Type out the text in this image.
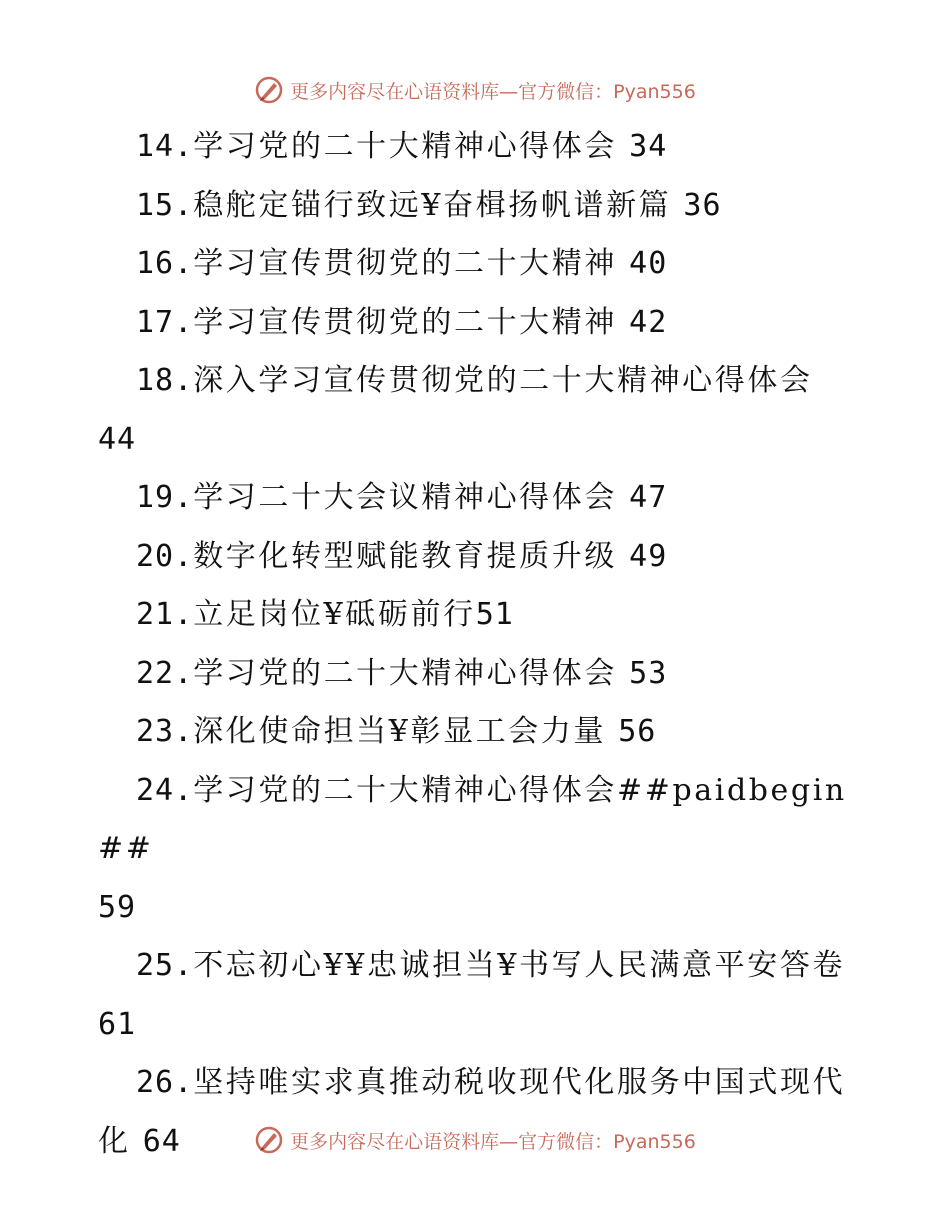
更多内容尽在心语资料库—官方微信：Pyan556
14.学习党的二十大精神心得体会 34
15.稳舵定锚行致远¥奋楫扬帆谱新篇 36
16.学习宣传贯彻党的二十大精神 40
17.学习宣传贯彻党的二十大精神 42
18.深入学习宣传贯彻党的二十大精神心得体会
44
19.学习二十大会议精神心得体会 47
20.数字化转型赋能教育提质升级 49
21.立足岗位¥砥砺前行51
22.学习党的二十大精神心得体会 53
23.深化使命担当¥彰显工会力量 56
24.学习党的二十大精神心得体会##paidbegin##
59
25.不忘初心¥¥忠诚担当¥书写人民满意平安答卷
61
26.坚持唯实求真推动税收现代化服务中国式现代化 64	更多内容尽在心语资料库—官方微信：Pyan556
